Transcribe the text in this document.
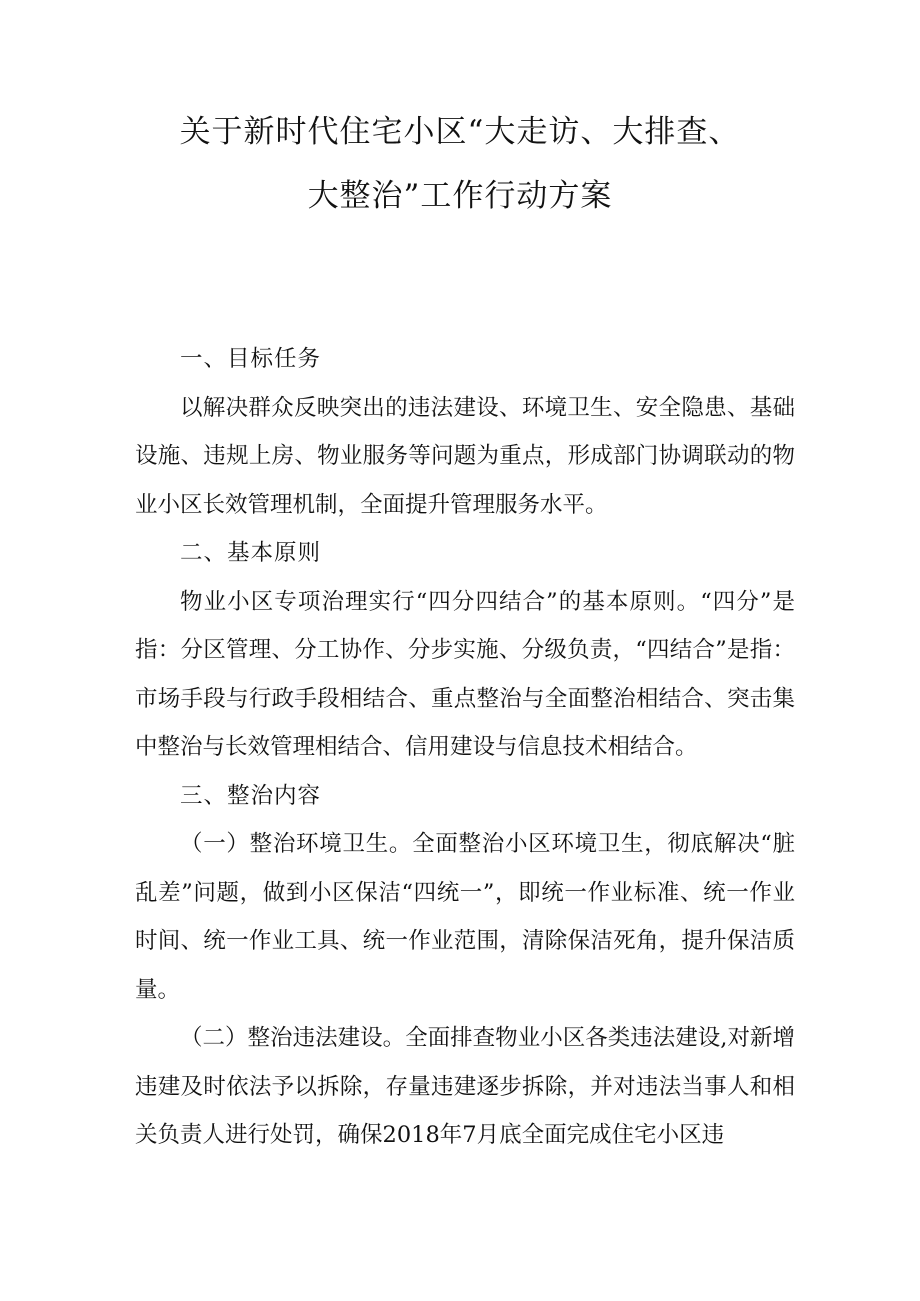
关于新时代住宅小区“大走访、大排查、
大整治”工作行动方案

一、目标任务

以解决群众反映突出的违法建设、环境卫生、安全隐患、基础设施、违规上房、物业服务等问题为重点，形成部门协调联动的物业小区长效管理机制，全面提升管理服务水平。

二、基本原则

物业小区专项治理实行“四分四结合”的基本原则。“四分”是指：分区管理、分工协作、分步实施、分级负责，“四结合”是指：市场手段与行政手段相结合、重点整治与全面整治相结合、突击集中整治与长效管理相结合、信用建设与信息技术相结合。

三、整治内容

（一）整治环境卫生。全面整治小区环境卫生，彻底解决“脏乱差”问题，做到小区保洁“四统一”，即统一作业标准、统一作业时间、统一作业工具、统一作业范围，清除保洁死角，提升保洁质量。

（二）整治违法建设。全面排查物业小区各类违法建设,对新增违建及时依法予以拆除，存量违建逐步拆除，并对违法当事人和相关负责人进行处罚，确保2018年7月底全面完成住宅小区违
